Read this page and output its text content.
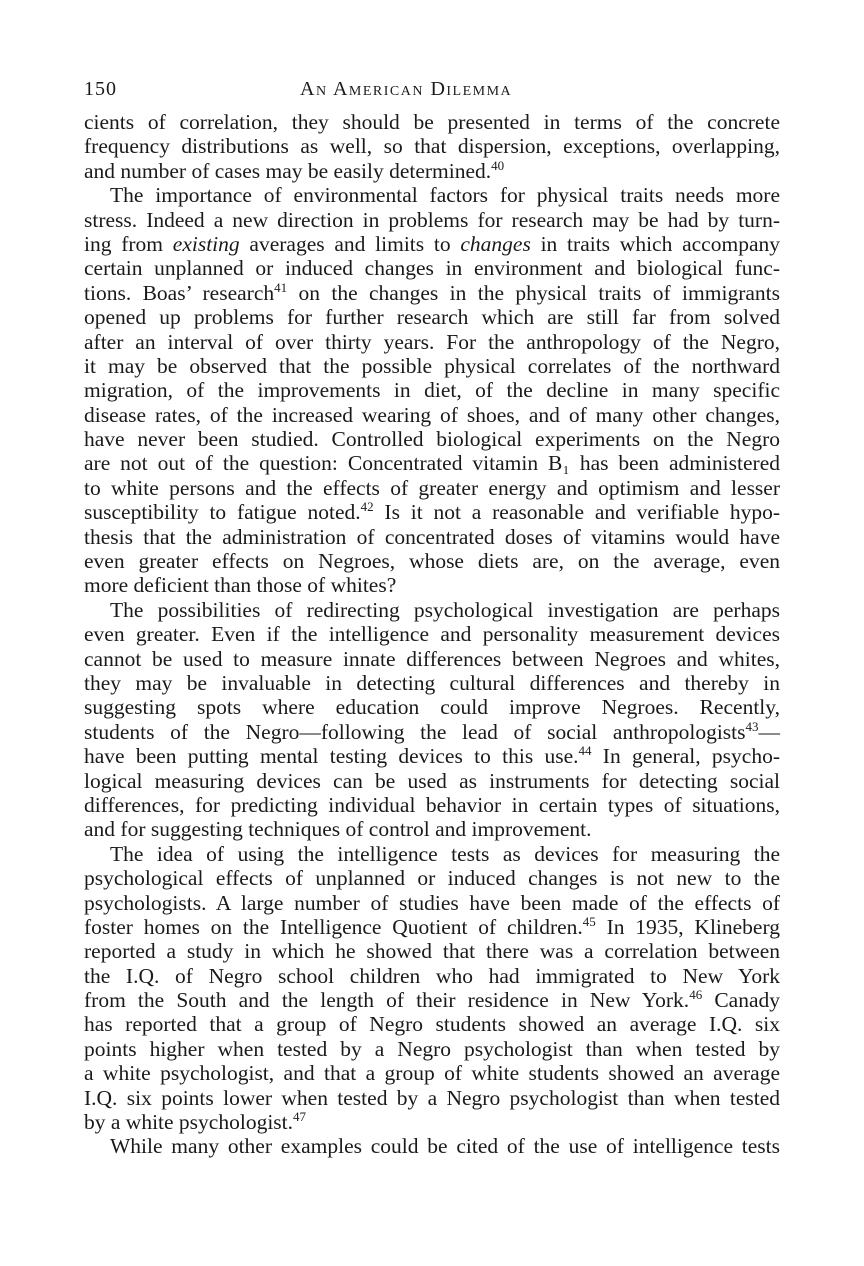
150	An American Dilemma
cients of correlation, they should be presented in terms of the concrete
frequency distributions as well, so that dispersion, exceptions, overlapping,
and number of cases may be easily determined.$^{40}$
The importance of environmental factors for physical traits needs more
stress. Indeed a new direction in problems for research may be had by turn-
ing from existing averages and limits to changes in traits which accompany
certain unplanned or induced changes in environment and biological func-
tions. Boas’ research$^{41}$ on the changes in the physical traits of immigrants
opened up problems for further research which are still far from solved
after an interval of over thirty years. For the anthropology of the Negro,
it may be observed that the possible physical correlates of the northward
migration, of the improvements in diet, of the decline in many specific
disease rates, of the increased wearing of shoes, and of many other changes,
have never been studied. Controlled biological experiments on the Negro
are not out of the question: Concentrated vitamin B₁ has been administered
to white persons and the effects of greater energy and optimism and lesser
susceptibility to fatigue noted.$^{42}$ Is it not a reasonable and verifiable hypo-
thesis that the administration of concentrated doses of vitamins would have
even greater effects on Negroes, whose diets are, on the average, even
more deficient than those of whites?
The possibilities of redirecting psychological investigation are perhaps
even greater. Even if the intelligence and personality measurement devices
cannot be used to measure innate differences between Negroes and whites,
they may be invaluable in detecting cultural differences and thereby in
suggesting spots where education could improve Negroes. Recently,
students of the Negro—following the lead of social anthropologists$^{43}$—
have been putting mental testing devices to this use.$^{44}$ In general, psycho-
logical measuring devices can be used as instruments for detecting social
differences, for predicting individual behavior in certain types of situations,
and for suggesting techniques of control and improvement.
The idea of using the intelligence tests as devices for measuring the
psychological effects of unplanned or induced changes is not new to the
psychologists. A large number of studies have been made of the effects of
foster homes on the Intelligence Quotient of children.$^{45}$ In 1935, Klineberg
reported a study in which he showed that there was a correlation between
the I.Q. of Negro school children who had immigrated to New York
from the South and the length of their residence in New York.$^{46}$ Canady
has reported that a group of Negro students showed an average I.Q. six
points higher when tested by a Negro psychologist than when tested by
a white psychologist, and that a group of white students showed an average
I.Q. six points lower when tested by a Negro psychologist than when tested
by a white psychologist.$^{47}$
While many other examples could be cited of the use of intelligence tests
